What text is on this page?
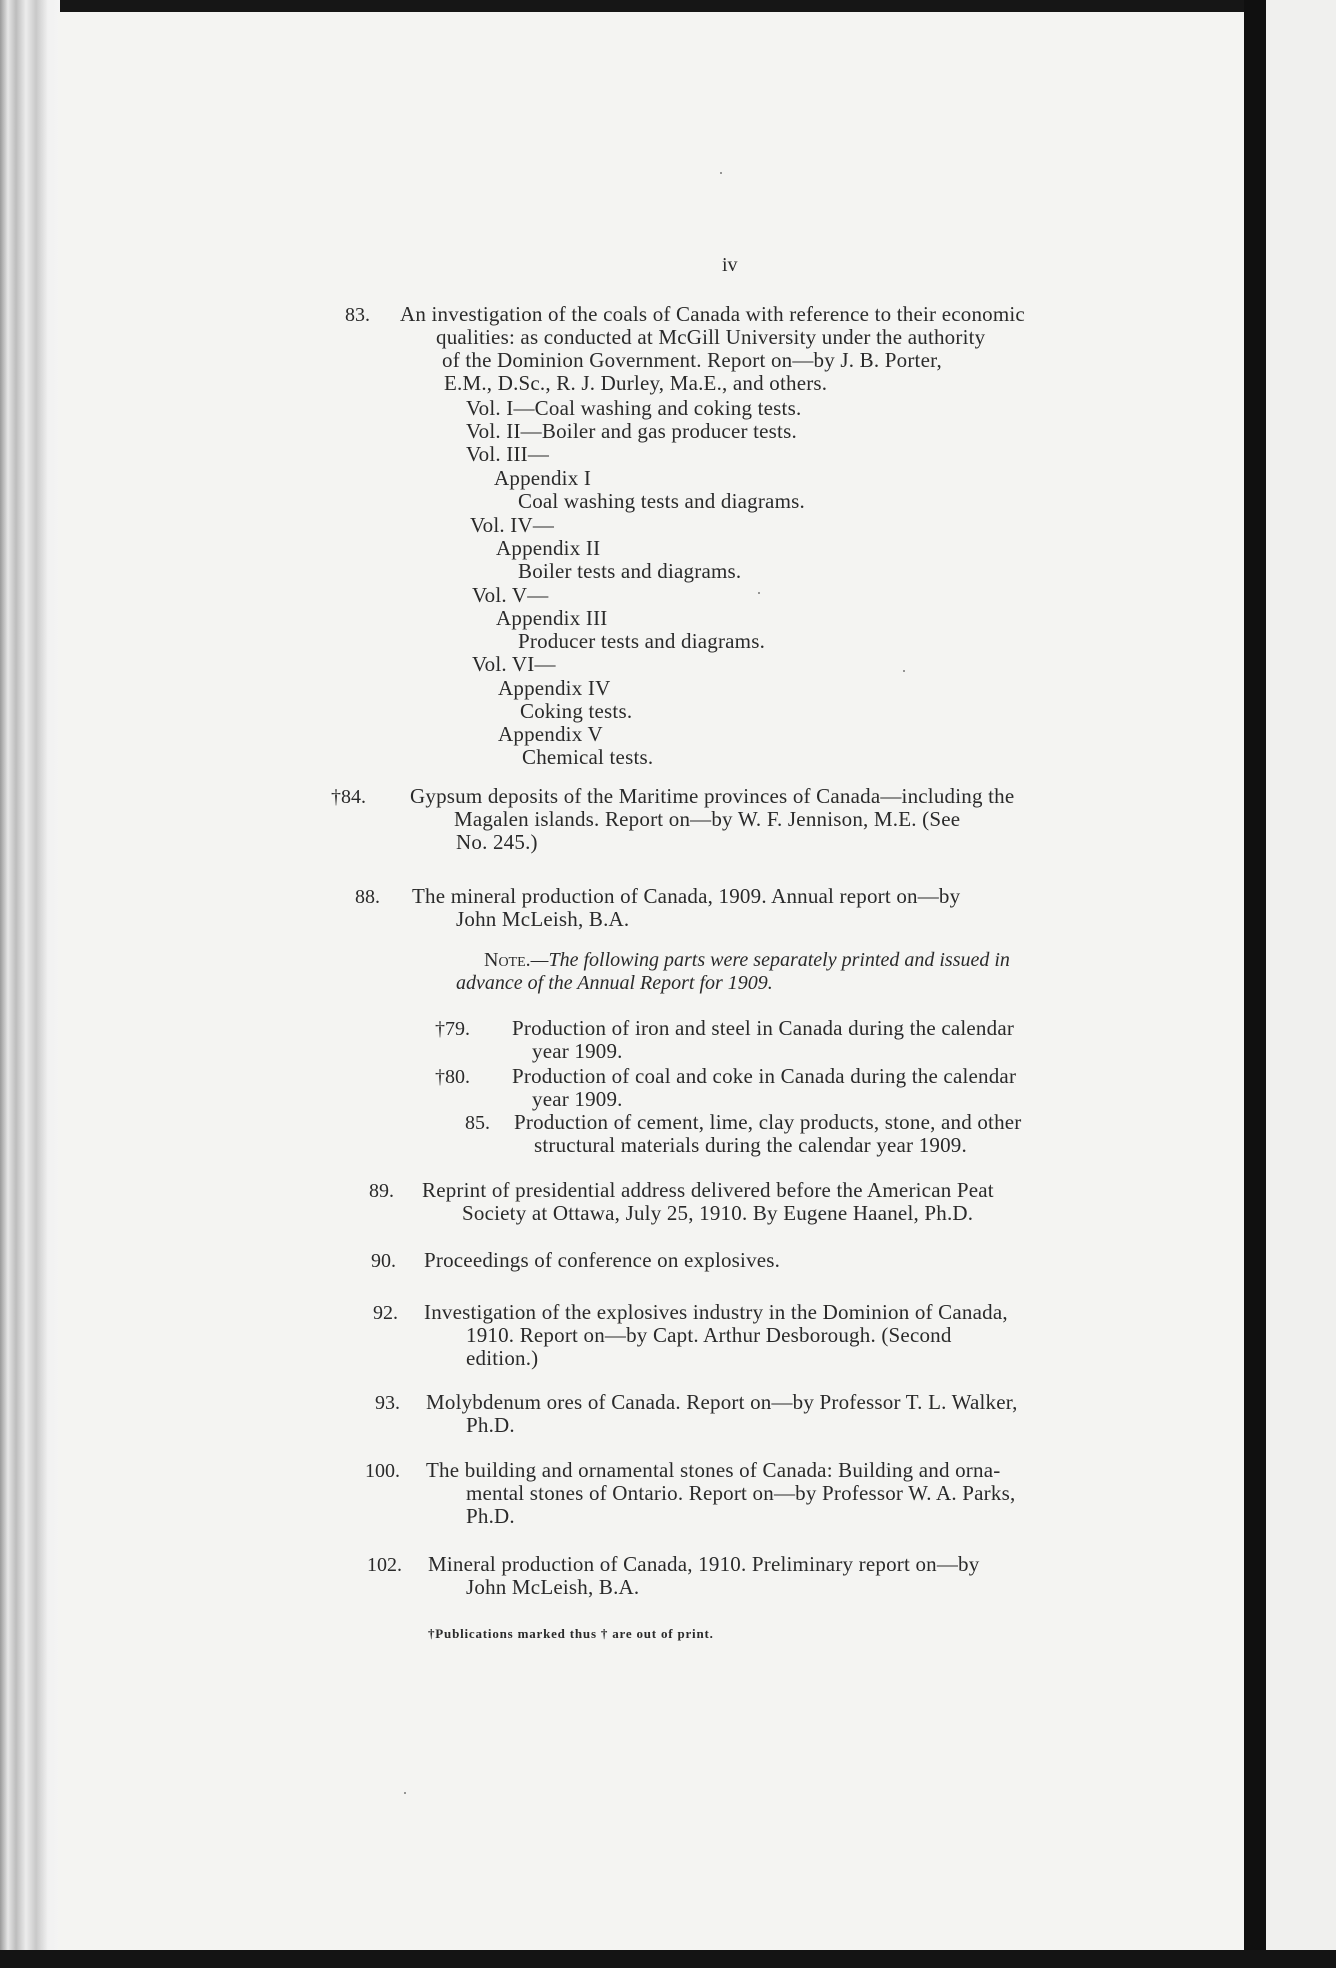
iv
83. An investigation of the coals of Canada with reference to their economic
qualities: as conducted at McGill University under the authority
of the Dominion Government. Report on—by J. B. Porter,
E.M., D.Sc., R. J. Durley, Ma.E., and others.
Vol. I—Coal washing and coking tests.
Vol. II—Boiler and gas producer tests.
Vol. III—
Appendix I
Coal washing tests and diagrams.
Vol. IV—
Appendix II
Boiler tests and diagrams.
Vol. V—
Appendix III
Producer tests and diagrams.
Vol. VI—
Appendix IV
Coking tests.
Appendix V
Chemical tests.
†84. Gypsum deposits of the Maritime provinces of Canada—including the
Magalen islands. Report on—by W. F. Jennison, M.E. (See
No. 245.)
88. The mineral production of Canada, 1909. Annual report on—by
John McLeish, B.A.
Note.—The following parts were separately printed and issued in
advance of the Annual Report for 1909.
†79. Production of iron and steel in Canada during the calendar
year 1909.
†80. Production of coal and coke in Canada during the calendar
year 1909.
85. Production of cement, lime, clay products, stone, and other
structural materials during the calendar year 1909.
89. Reprint of presidential address delivered before the American Peat
Society at Ottawa, July 25, 1910. By Eugene Haanel, Ph.D.
90. Proceedings of conference on explosives.
92. Investigation of the explosives industry in the Dominion of Canada,
1910. Report on—by Capt. Arthur Desborough. (Second
edition.)
93. Molybdenum ores of Canada. Report on—by Professor T. L. Walker,
Ph.D.
100. The building and ornamental stones of Canada: Building and orna-
mental stones of Ontario. Report on—by Professor W. A. Parks,
Ph.D.
102. Mineral production of Canada, 1910. Preliminary report on—by
John McLeish, B.A.
†Publications marked thus † are out of print.
